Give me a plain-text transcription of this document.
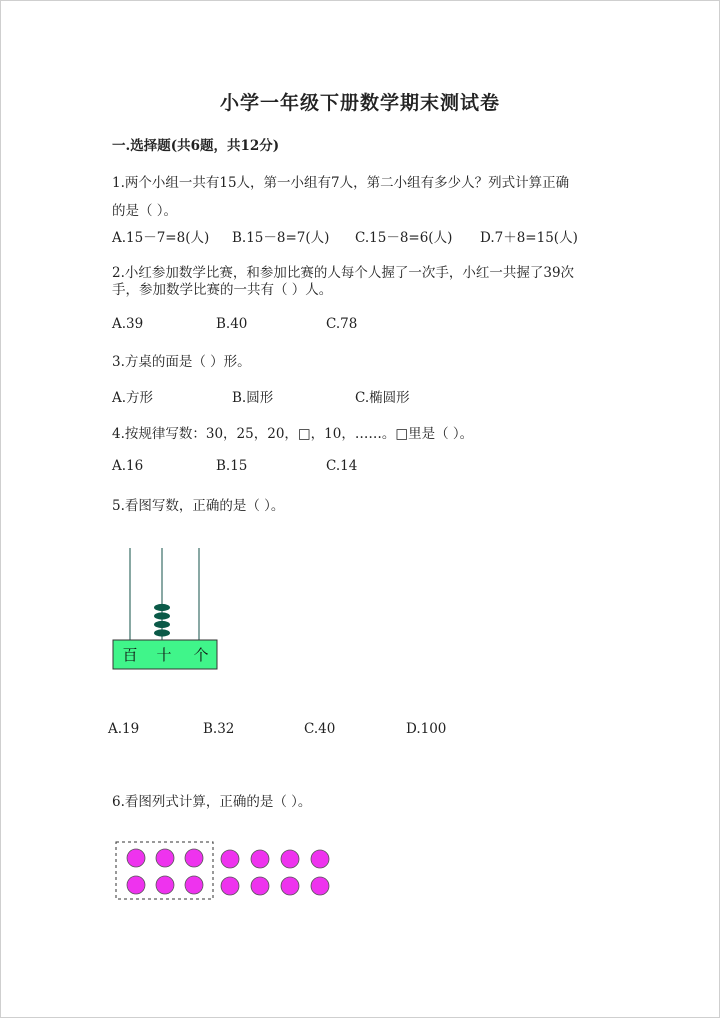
小学一年级下册数学期末测试卷
一.选择题(共6题，共12分)
1.两个小组一共有15人，第一小组有7人，第二小组有多少人？列式计算正确
的是（ ）。
A.15－7=8(人) B.15－8=7(人) C.15－8=6(人) D.7＋8=15(人)
2.小红参加数学比赛，和参加比赛的人每个人握了一次手，小红一共握了39次
手，参加数学比赛的一共有（ ）人。
A.39	B.40	C.78
3.方桌的面是（ ）形。
A.方形	B.圆形	C.椭圆形
4.按规律写数：30，25，20，□，10，……。□里是（ ）。
A.16	B.15	C.14
5.看图写数，正确的是（ ）。
百 十 个
A.19	B.32	C.40	D.100
6.看图列式计算，正确的是（ ）。
